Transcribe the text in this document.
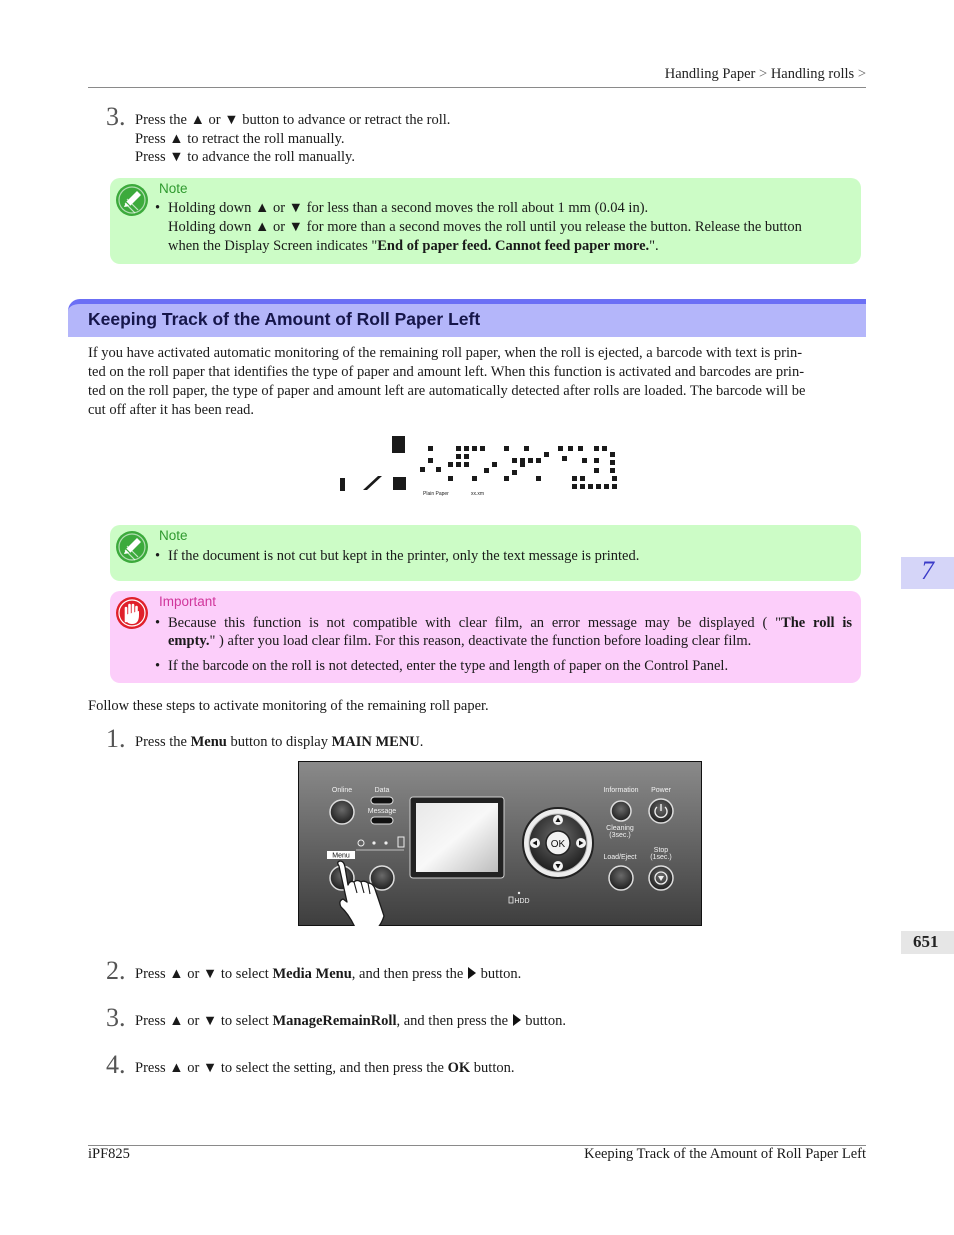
Handling Paper > Handling rolls >
3. Press the ▲ or ▼ button to advance or retract the roll.
Press ▲ to retract the roll manually.
Press ▼ to advance the roll manually.
Note
• Holding down ▲ or ▼ for less than a second moves the roll about 1 mm (0.04 in).
Holding down ▲ or ▼ for more than a second moves the roll until you release the button. Release the button
when the Display Screen indicates "End of paper feed. Cannot feed paper more.".
Keeping Track of the Amount of Roll Paper Left
If you have activated automatic monitoring of the remaining roll paper, when the roll is ejected, a barcode with text is prin-
ted on the roll paper that identifies the type of paper and amount left. When this function is activated and barcodes are prin-
ted on the roll paper, the type of paper and amount left are automatically detected after rolls are loaded. The barcode will be
cut off after it has been read.
Plain Paper	xx.xm
Note
• If the document is not cut but kept in the printer, only the text message is printed.
Important
• Because this function is not compatible with clear film, an error message may be displayed ( "The roll is
empty." ) after you load clear film. For this reason, deactivate the function before loading clear film.
• If the barcode on the roll is not detected, enter the type and length of paper on the Control Panel.
Follow these steps to activate monitoring of the remaining roll paper.
1. Press the Menu button to display MAIN MENU.
Online	Data
Message
Information Power
Cleaning
(3sec.)
Load/Eject
Stop
(1sec.)
HDD
Menu
OK
2. Press ▲ or ▼ to select Media Menu, and then press the  button.
3. Press ▲ or ▼ to select ManageRemainRoll, and then press the  button.
4. Press ▲ or ▼ to select the setting, and then press the OK button.
7
651
iPF825	Keeping Track of the Amount of Roll Paper Left
